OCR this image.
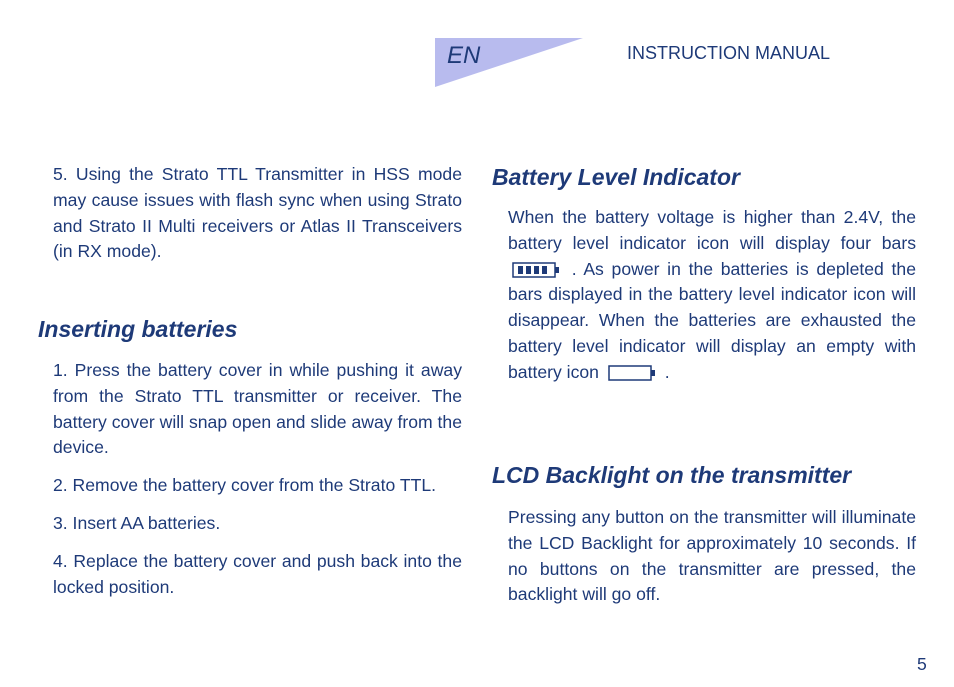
EN	INSTRUCTION MANUAL

5. Using the Strato TTL Transmitter in HSS mode may cause issues with flash sync when using Strato and Strato II Multi receivers or Atlas II Transceivers (in RX mode).

Inserting batteries

1. Press the battery cover in while pushing it away from the Strato TTL transmitter or receiver. The battery cover will snap open and slide away from the device.

2. Remove the battery cover from the Strato TTL.

3. Insert AA batteries.

4. Replace the battery cover and push back into the locked position.

Battery Level Indicator

When the battery voltage is higher than 2.4V, the battery level indicator icon will display four bars
. As power in the batteries is depleted the bars displayed in the battery level indicator icon will disappear. When the batteries are exhausted the battery level indicator will display an empty with battery icon	.

LCD Backlight on the transmitter

Pressing any button on the transmitter will illuminate the LCD Backlight for approximately 10 seconds. If no buttons on the transmitter are pressed, the backlight will go off.

5
